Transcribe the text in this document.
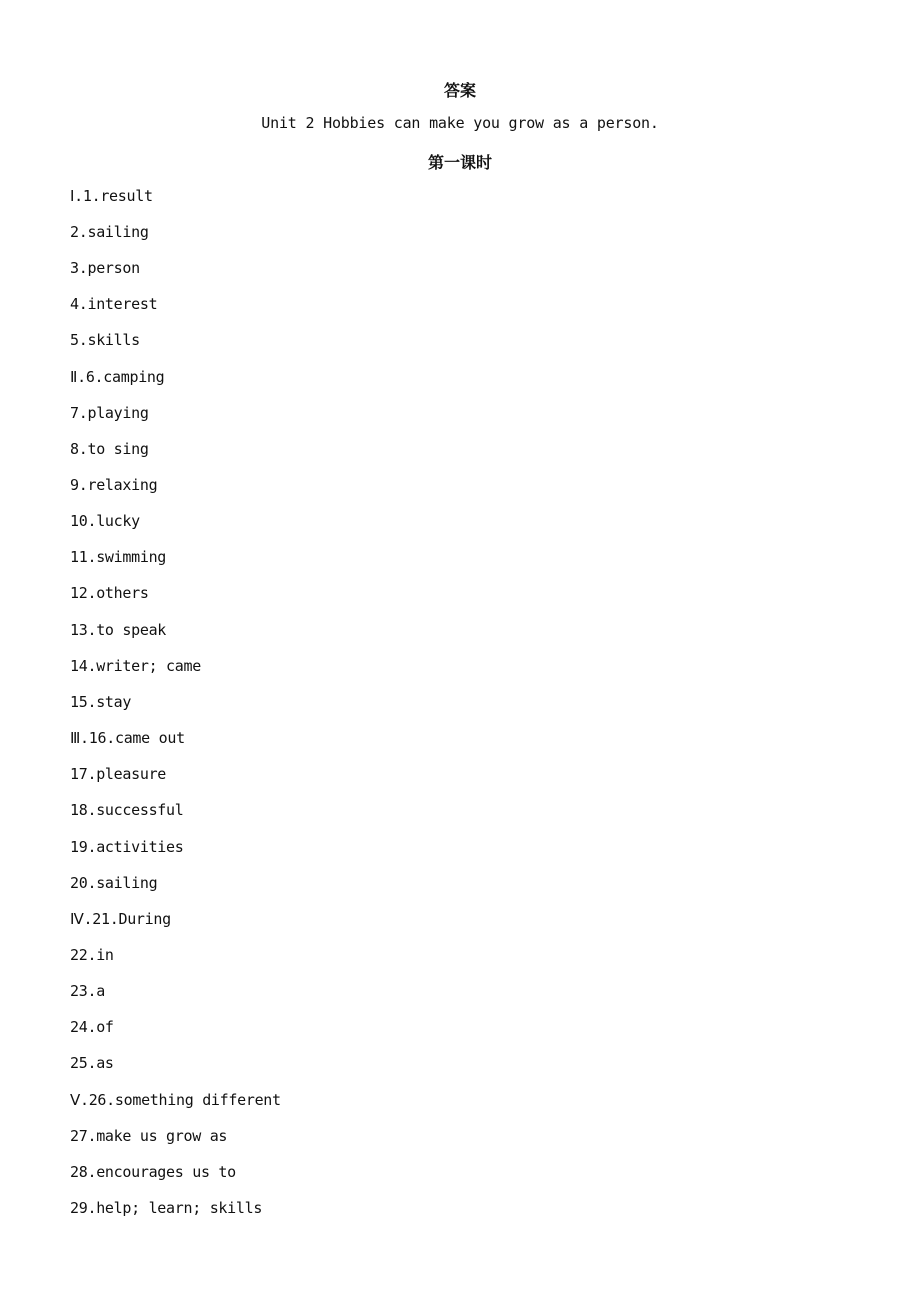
答案
Unit 2 Hobbies can make you grow as a person.
第一课时
Ⅰ.1.result
2.sailing
3.person
4.interest
5.skills
Ⅱ.6.camping
7.playing
8.to sing
9.relaxing
10.lucky
11.swimming
12.others
13.to speak
14.writer; came
15.stay
Ⅲ.16.came out
17.pleasure
18.successful
19.activities
20.sailing
Ⅳ.21.During
22.in
23.a
24.of
25.as
Ⅴ.26.something different
27.make us grow as
28.encourages us to
29.help; learn; skills
